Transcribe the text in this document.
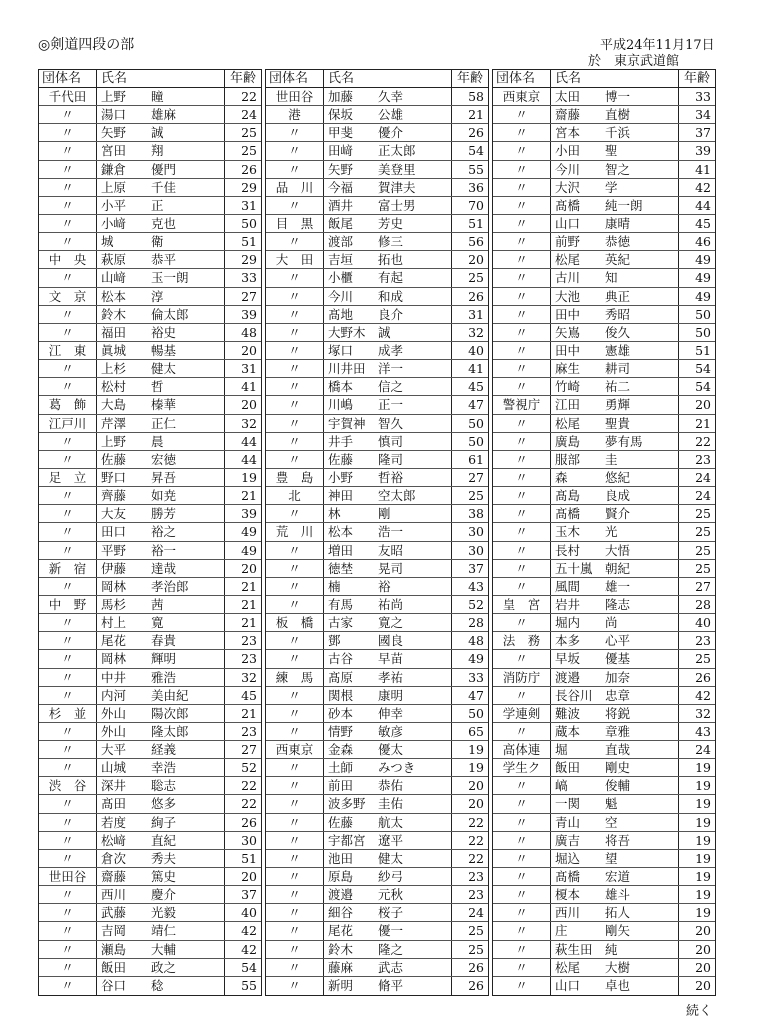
◎剣道四段の部	平成24年11月17日
於　東京武道館
団体名	氏名	年齢
千代田	上野　　瞳	22
〃	湯口　　雄麻	24
〃	矢野　　誠	25
〃	宮田　　翔	25
〃	鎌倉　　優門	26
〃	上原　　千佳	29
〃	小平　　正	31
〃	小﨑　　克也	50
〃	城　　　衛	51
中　央	萩原　　恭平	29
〃	山﨑　　玉一朗	33
文　京	松本　　淳	27
〃	鈴木　　倫太郎	39
〃	福田　　裕史	48
江　東	眞城　　暢基	20
〃	上杉　　健太	31
〃	松村　　哲	41
葛　飾	大島　　榛華	20
江戸川	芹澤　　正仁	32
〃	上野　　晨	44
〃	佐藤　　宏徳	44
足　立	野口　　昇吾	19
〃	齊藤　　如尭	21
〃	大友　　勝芳	39
〃	田口　　裕之	49
〃	平野　　裕一	49
新　宿	伊藤　　達哉	20
〃	岡林　　孝治郎	21
中　野	馬杉　　茜	21
〃	村上　　寛	21
〃	尾花　　春貴	23
〃	岡林　　輝明	23
〃	中井　　雅浩	32
〃	内河　　美由紀	45
杉　並	外山　　陽次郎	21
〃	外山　　隆太郎	23
〃	大平　　経義	27
〃	山城　　幸浩	52
渋　谷	深井　　聡志	22
〃	髙田　　悠多	22
〃	若度　　絢子	26
〃	松﨑　　直紀	30
〃	倉次　　秀夫	51
世田谷	齋藤　　篤史	20
〃	西川　　慶介	37
〃	武藤　　光毅	40
〃	吉岡　　靖仁	42
〃	瀬島　　大輔	42
〃	飯田　　政之	54
〃	谷口　　稔	55
団体名	氏名	年齢
世田谷	加藤　　久幸	58
港	保坂　　公雄	21
〃	甲斐　　優介	26
〃	田﨑　　正太郎	54
〃	矢野　　美登里	55
品　川	今福　　賀津夫	36
〃	酒井　　富士男	70
目　黒	飯尾　　芳史	51
〃	渡部　　修三	56
大　田	吉垣　　拓也	20
〃	小櫃　　有起	25
〃	今川　　和成	26
〃	髙地　　良介	31
〃	大野木　誠	32
〃	塚口　　成孝	40
〃	川井田　洋一	41
〃	橋本　　信之	45
〃	川嶋　　正一	47
〃	宇賀神　智久	50
〃	井手　　慎司	50
〃	佐藤　　隆司	61
豊　島	小野　　哲裕	27
北	神田　　空太郎	25
〃	林　　　剛	38
荒　川	松本　　浩一	30
〃	増田　　友昭	30
〃	徳埜　　晃司	37
〃	楠　　　裕	43
〃	有馬　　祐尚	52
板　橋	古家　　寛之	28
〃	鄧　　　國良	48
〃	古谷　　早苗	49
練　馬	髙原　　孝祐	33
〃	関根　　康明	47
〃	砂本　　伸幸	50
〃	情野　　敏彦	65
西東京	金森　　優太	19
〃	土師　　みつき	19
〃	前田　　恭佑	20
〃	波多野　圭佑	20
〃	佐藤　　航太	22
〃	宇都宮　遼平	22
〃	池田　　健太	22
〃	原島　　紗弓	23
〃	渡邉　　元秋	23
〃	細谷　　桜子	24
〃	尾花　　優一	25
〃	鈴木　　隆之	25
〃	藤麻　　武志	26
〃	新明　　脩平	26
団体名	氏名	年齢
西東京	太田　　博一	33
〃	齋藤　　直樹	34
〃	宮本　　千浜	37
〃	小田　　聖	39
〃	今川　　智之	41
〃	大沢　　学	42
〃	髙橋　　純一朗	44
〃	山口　　康晴	45
〃	前野　　恭徳	46
〃	松尾　　英紀	49
〃	古川　　知	49
〃	大池　　典正	49
〃	田中　　秀昭	50
〃	矢嶌　　俊久	50
〃	田中　　憲雄	51
〃	麻生　　耕司	54
〃	竹崎　　祐二	54
警視庁	江田　　勇輝	20
〃	松尾　　聖貴	21
〃	廣島　　夢有馬	22
〃	服部　　圭	23
〃	森　　　悠紀	24
〃	髙島　　良成	24
〃	髙橋　　賢介	25
〃	玉木　　光	25
〃	長村　　大悟	25
〃	五十嵐　朝紀	25
〃	風間　　雄一	27
皇　宮	岩井　　隆志	28
〃	堀内　　尚	40
法　務	本多　　心平	23
〃	早坂　　優基	25
消防庁	渡邉　　加奈	26
〃	長谷川　忠章	42
学連剣	難波　　将鋭	32
〃	蔵本　　章雅	43
高体連	堀　　　直哉	24
学生ク	飯田　　剛史	19
〃	嵪　　　俊輔	19
〃	一関　　魁	19
〃	青山　　空	19
〃	廣吉　　将吾	19
〃	堀込　　望	19
〃	髙橋　　宏道	19
〃	榎本　　雄斗	19
〃	西川　　拓人	19
〃	庄　　　剛矢	20
〃	萩生田　純	20
〃	松尾　　大樹	20
〃	山口　　卓也	20
続く
